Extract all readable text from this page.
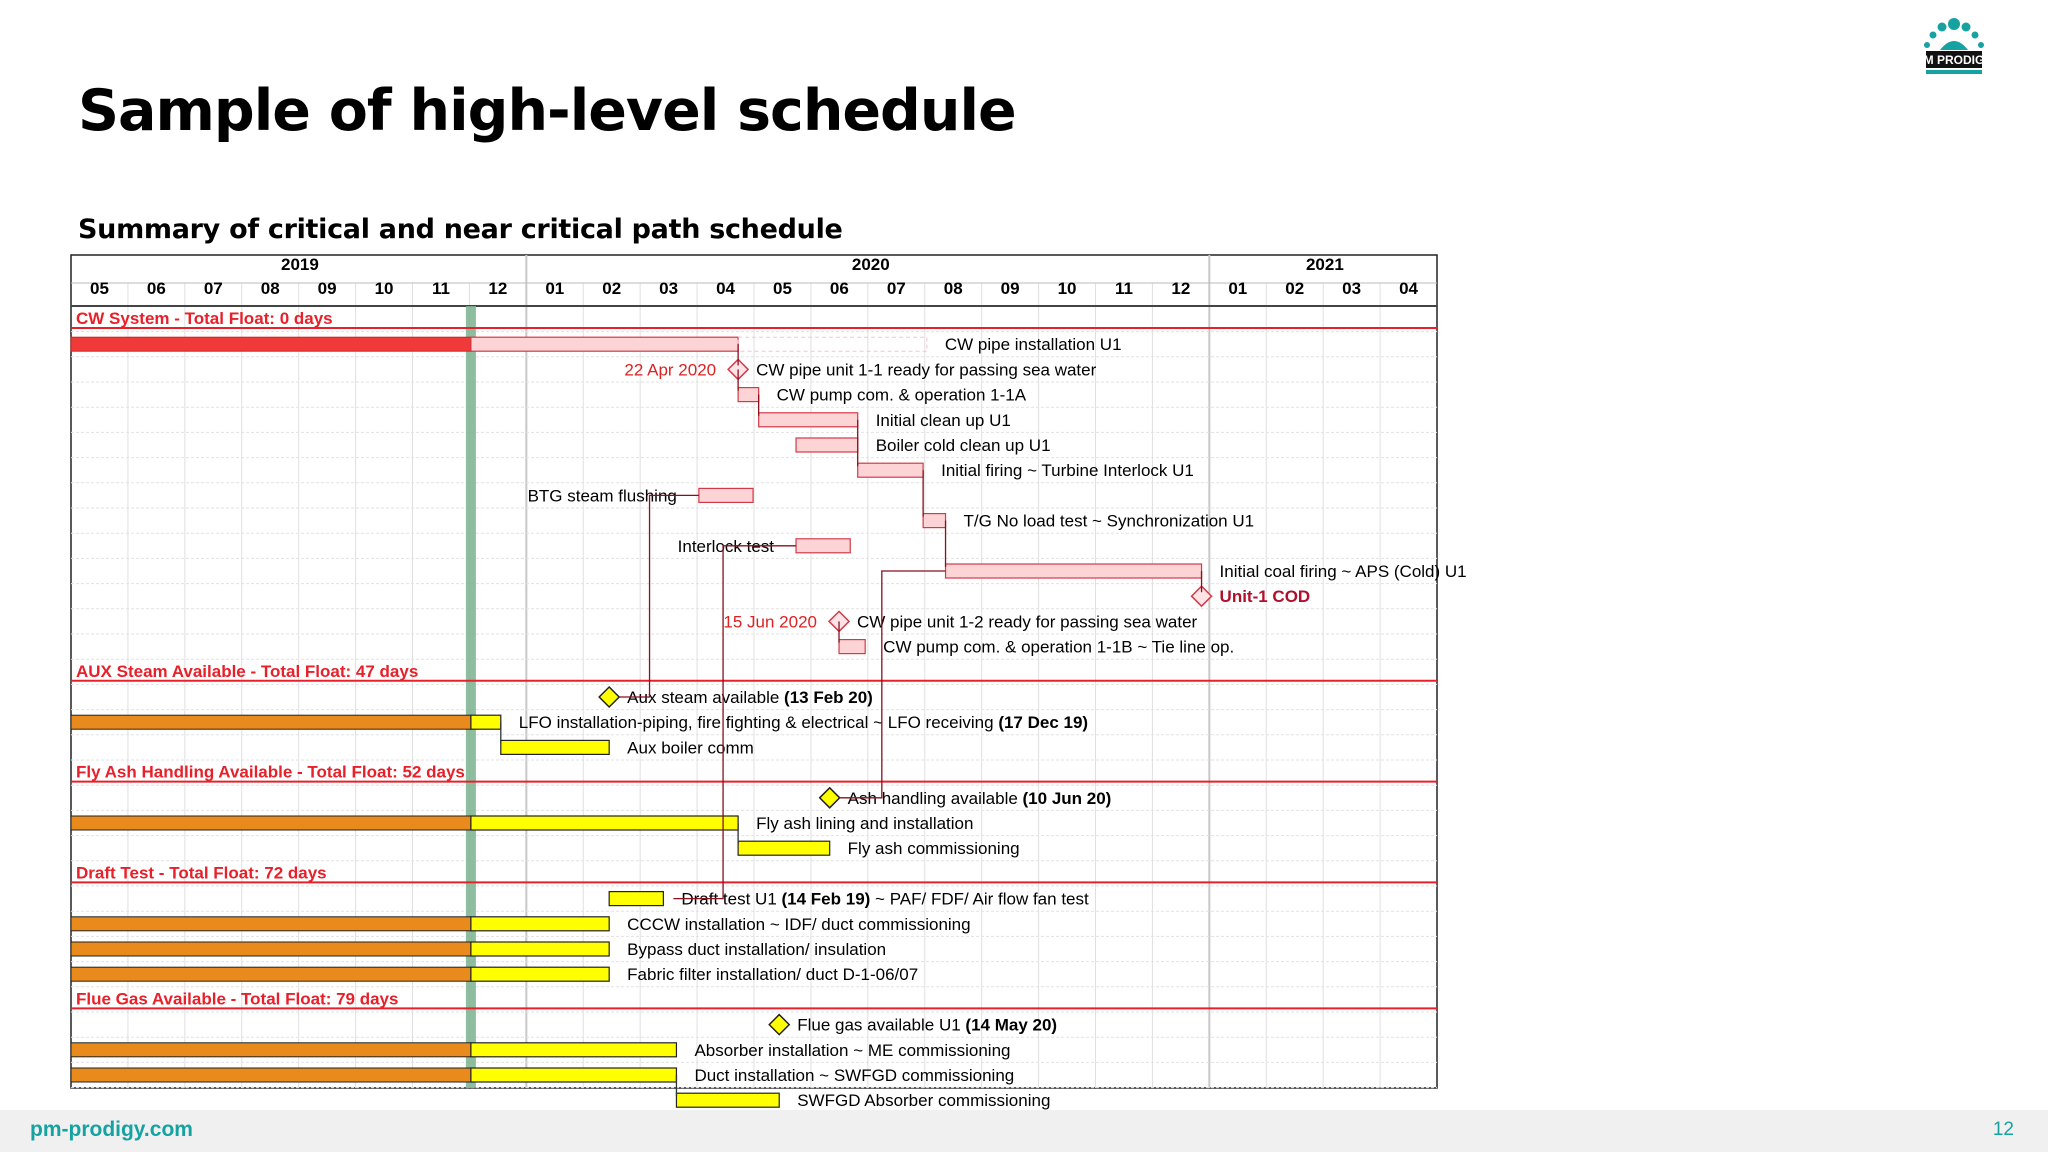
Sample of high-level schedule
PM PRODIGY
Summary of critical and near critical path schedule
2019	2020	2021
05 06 07 08 09 10 11 12 01 02 03 04 05 06 07 08 09 10 11 12 01 02 03 04
CW System - Total Float: 0 days
CW pipe installation U1
22 Apr 2020 CW pipe unit 1-1 ready for passing sea water
CW pump com. & operation 1-1A
Initial clean up U1
Boiler cold clean up U1
Initial firing ~ Turbine Interlock U1
BTG steam flushing
T/G No load test ~ Synchronization U1
Interlock test
Initial coal firing ~ APS (Cold) U1
Unit-1 COD
15 Jun 2020 CW pipe unit 1-2 ready for passing sea water
CW pump com. & operation 1-1B ~ Tie line op.
AUX Steam Available - Total Float: 47 days
Aux steam available (13 Feb 20)
LFO installation-piping, fire fighting & electrical ~ LFO receiving (17 Dec 19)
Aux boiler comm
Fly Ash Handling Available - Total Float: 52 days
Ash handling available (10 Jun 20)
Fly ash lining and installation
Fly ash commissioning
Draft Test - Total Float: 72 days
Draft test U1 (14 Feb 19) ~ PAF/ FDF/ Air flow fan test
CCCW installation ~ IDF/ duct commissioning
Bypass duct installation/ insulation
Fabric filter installation/ duct D-1-06/07
Flue Gas Available - Total Float: 79 days
Flue gas available U1 (14 May 20)
Absorber installation ~ ME commissioning
Duct installation ~ SWFGD commissioning
SWFGD Absorber commissioning
pm-prodigy.com	12
